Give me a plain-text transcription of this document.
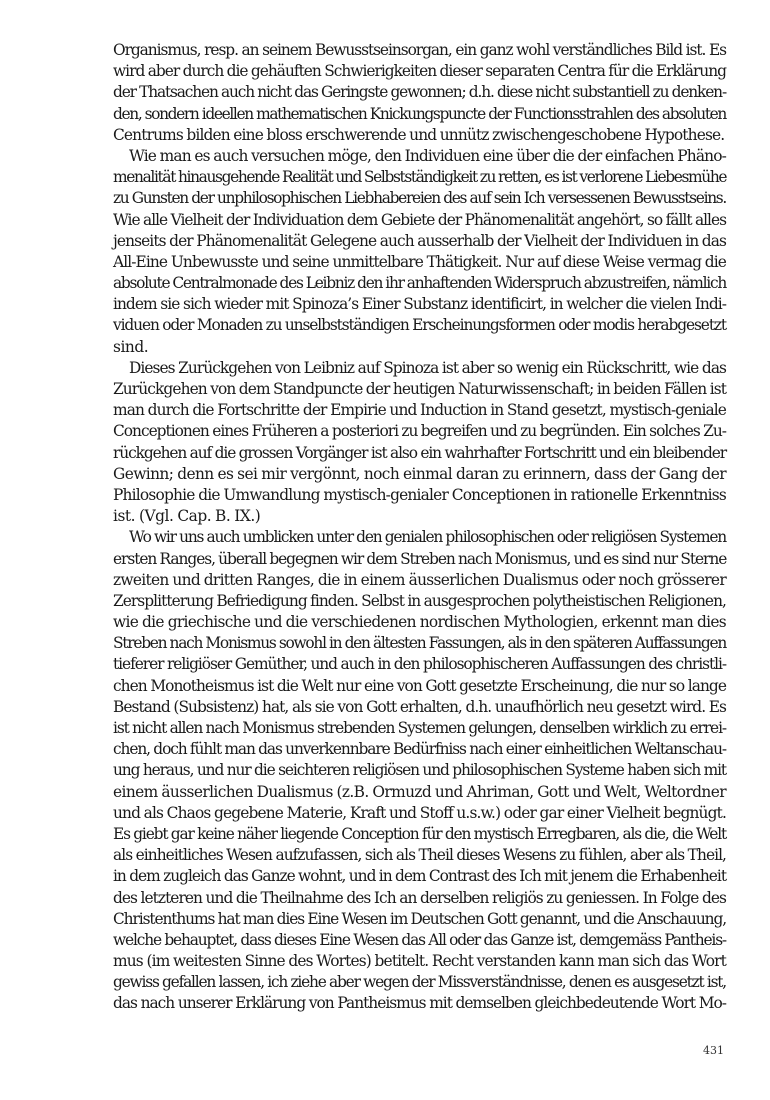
Organismus, resp. an seinem Bewusstseinsorgan, ein ganz wohl verständliches Bild ist. Es
wird aber durch die gehäuften Schwierigkeiten dieser separaten Centra für die Erklärung
der Thatsachen auch nicht das Geringste gewonnen; d.h. diese nicht substantiell zu denken-
den, sondern ideellen mathematischen Knickungspuncte der Functionsstrahlen des absoluten
Centrums bilden eine bloss erschwerende und unnütz zwischengeschobene Hypothese.
Wie man es auch versuchen möge, den Individuen eine über die der einfachen Phäno-
menalität hinausgehende Realität und Selbstständigkeit zu retten, es ist verlorene Liebesmühe
zu Gunsten der unphilosophischen Liebhabereien des auf sein Ich versessenen Bewusstseins.
Wie alle Vielheit der Individuation dem Gebiete der Phänomenalität angehört, so fällt alles
jenseits der Phänomenalität Gelegene auch ausserhalb der Vielheit der Individuen in das
All-Eine Unbewusste und seine unmittelbare Thätigkeit. Nur auf diese Weise vermag die
absolute Centralmonade des Leibniz den ihr anhaftenden Widerspruch abzustreifen, nämlich
indem sie sich wieder mit Spinoza’s Einer Substanz identificirt, in welcher die vielen Indi-
viduen oder Monaden zu unselbstständigen Erscheinungsformen oder modis herabgesetzt
sind.
Dieses Zurückgehen von Leibniz auf Spinoza ist aber so wenig ein Rückschritt, wie das
Zurückgehen von dem Standpuncte der heutigen Naturwissenschaft; in beiden Fällen ist
man durch die Fortschritte der Empirie und Induction in Stand gesetzt, mystisch-geniale
Conceptionen eines Früheren a posteriori zu begreifen und zu begründen. Ein solches Zu-
rückgehen auf die grossen Vorgänger ist also ein wahrhafter Fortschritt und ein bleibender
Gewinn; denn es sei mir vergönnt, noch einmal daran zu erinnern, dass der Gang der
Philosophie die Umwandlung mystisch-genialer Conceptionen in rationelle Erkenntniss
ist. (Vgl. Cap. B. IX.)
Wo wir uns auch umblicken unter den genialen philosophischen oder religiösen Systemen
ersten Ranges, überall begegnen wir dem Streben nach Monismus, und es sind nur Sterne
zweiten und dritten Ranges, die in einem äusserlichen Dualismus oder noch grösserer
Zersplitterung Befriedigung finden. Selbst in ausgesprochen polytheistischen Religionen,
wie die griechische und die verschiedenen nordischen Mythologien, erkennt man dies
Streben nach Monismus sowohl in den ältesten Fassungen, als in den späteren Auffassungen
tieferer religiöser Gemüther, und auch in den philosophischeren Auffassungen des christli-
chen Monotheismus ist die Welt nur eine von Gott gesetzte Erscheinung, die nur so lange
Bestand (Subsistenz) hat, als sie von Gott erhalten, d.h. unaufhörlich neu gesetzt wird. Es
ist nicht allen nach Monismus strebenden Systemen gelungen, denselben wirklich zu errei-
chen, doch fühlt man das unverkennbare Bedürfniss nach einer einheitlichen Weltanschau-
ung heraus, und nur die seichteren religiösen und philosophischen Systeme haben sich mit
einem äusserlichen Dualismus (z.B. Ormuzd und Ahriman, Gott und Welt, Weltordner
und als Chaos gegebene Materie, Kraft und Stoff u.s.w.) oder gar einer Vielheit begnügt.
Es giebt gar keine näher liegende Conception für den mystisch Erregbaren, als die, die Welt
als einheitliches Wesen aufzufassen, sich als Theil dieses Wesens zu fühlen, aber als Theil,
in dem zugleich das Ganze wohnt, und in dem Contrast des Ich mit jenem die Erhabenheit
des letzteren und die Theilnahme des Ich an derselben religiös zu geniessen. In Folge des
Christenthums hat man dies Eine Wesen im Deutschen Gott genannt, und die Anschauung,
welche behauptet, dass dieses Eine Wesen das All oder das Ganze ist, demgemäss Pantheis-
mus (im weitesten Sinne des Wortes) betitelt. Recht verstanden kann man sich das Wort
gewiss gefallen lassen, ich ziehe aber wegen der Missverständnisse, denen es ausgesetzt ist,
das nach unserer Erklärung von Pantheismus mit demselben gleichbedeutende Wort Mo-
431
